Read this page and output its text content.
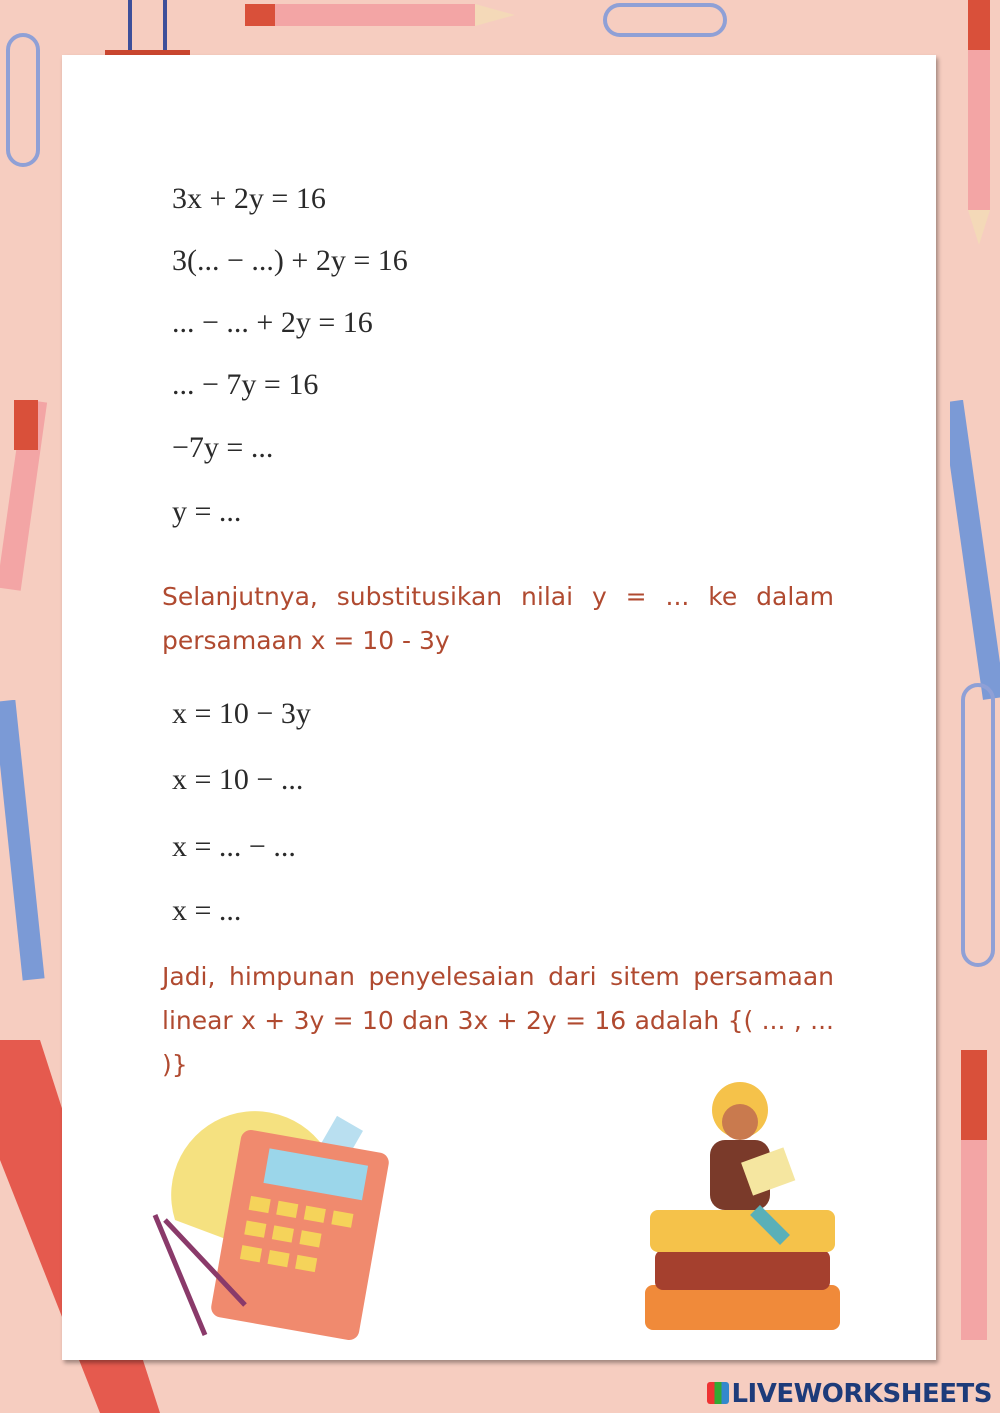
3x + 2y = 16
3(... − ...) + 2y = 16
... − ... + 2y = 16
... − 7y = 16
−7y = ...
y = ...
Selanjutnya, substitusikan nilai y = ... ke dalam persamaan x = 10 - 3y
x = 10 − 3y
x = 10 − ...
x = ... − ...
x = ...
Jadi, himpunan penyelesaian dari sitem persamaan linear x + 3y = 10 dan 3x + 2y = 16 adalah {( ... , ... )}
LIVEWORKSHEETS
